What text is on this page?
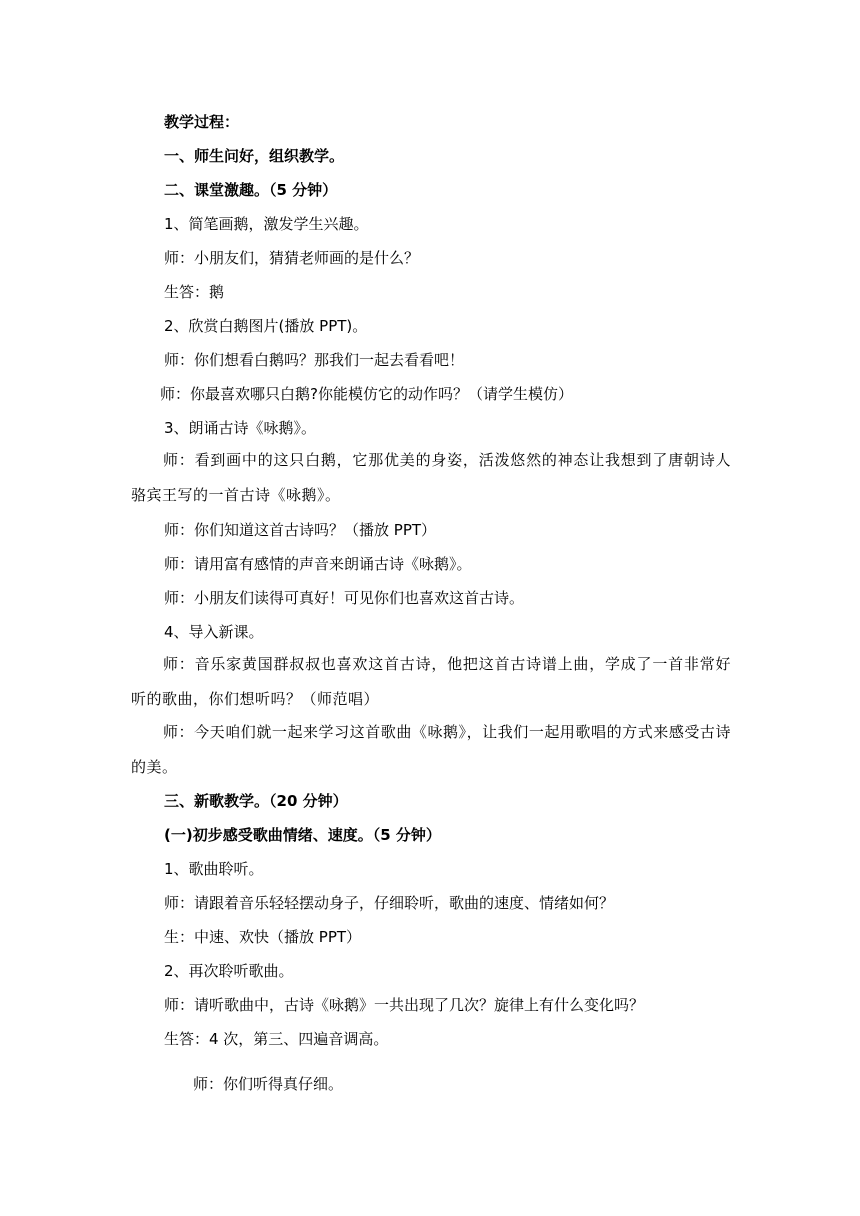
教学过程：
一、师生问好，组织教学。
二、课堂激趣。（5 分钟）
1、简笔画鹅，激发学生兴趣。
师：小朋友们，猜猜老师画的是什么？
生答：鹅
2、欣赏白鹅图片(播放 PPT)。
师：你们想看白鹅吗？那我们一起去看看吧！
师：你最喜欢哪只白鹅?你能模仿它的动作吗？（请学生模仿）
3、朗诵古诗《咏鹅》。
师：看到画中的这只白鹅，它那优美的身姿，活泼悠然的神态让我想到了唐朝诗人骆宾王写的一首古诗《咏鹅》。
师：你们知道这首古诗吗？（播放 PPT）
师：请用富有感情的声音来朗诵古诗《咏鹅》。
师：小朋友们读得可真好！可见你们也喜欢这首古诗。
4、导入新课。
师：音乐家黄国群叔叔也喜欢这首古诗，他把这首古诗谱上曲，学成了一首非常好听的歌曲，你们想听吗？（师范唱）
师：今天咱们就一起来学习这首歌曲《咏鹅》，让我们一起用歌唱的方式来感受古诗的美。
三、新歌教学。（20 分钟）
(一)初步感受歌曲情绪、速度。（5 分钟）
1、歌曲聆听。
师：请跟着音乐轻轻摆动身子，仔细聆听，歌曲的速度、情绪如何？
生：中速、欢快（播放 PPT）
2、再次聆听歌曲。
师：请听歌曲中，古诗《咏鹅》一共出现了几次？旋律上有什么变化吗？
生答：4 次，第三、四遍音调高。
师：你们听得真仔细。
